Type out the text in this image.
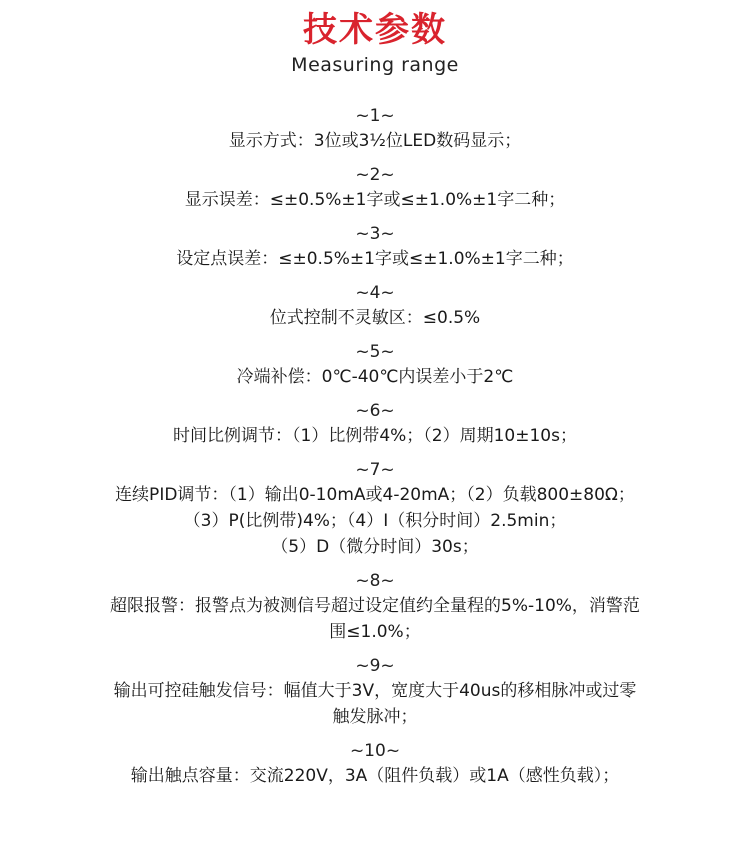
技术参数
Measuring range
~1~
显示方式：3位或3½位LED数码显示；
~2~
显示误差：≤±0.5%±1字或≤±1.0%±1字二种；
~3~
设定点误差：≤±0.5%±1字或≤±1.0%±1字二种；
~4~
位式控制不灵敏区：≤0.5%
~5~
冷端补偿：0℃-40℃内误差小于2℃
~6~
时间比例调节：（1）比例带4%；（2）周期10±10s；
~7~
连续PID调节：（1）输出0-10mA或4-20mA；（2）负载800±80Ω；
（3）P(比例带)4%；（4）I（积分时间）2.5min；
（5）D（微分时间）30s；
~8~
超限报警：报警点为被测信号超过设定值约全量程的5%-10%，消警范
围≤1.0%；
~9~
输出可控硅触发信号：幅值大于3V，宽度大于40us的移相脉冲或过零
触发脉冲；
~10~
输出触点容量：交流220V，3A（阻件负载）或1A（感性负载）；
